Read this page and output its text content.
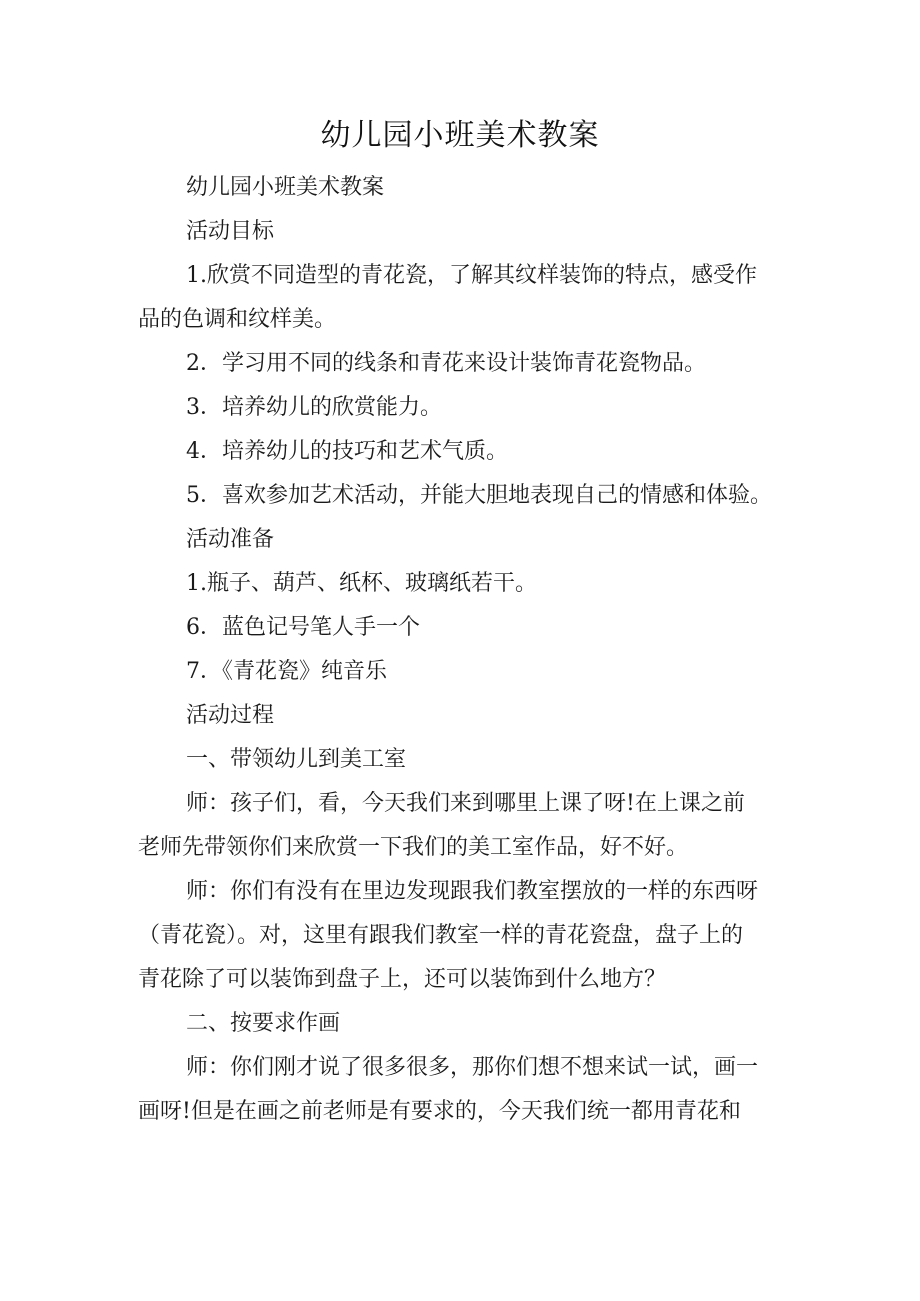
幼儿园小班美术教案
幼儿园小班美术教案
活动目标
1.欣赏不同造型的青花瓷，了解其纹样装饰的特点，感受作
品的色调和纹样美。
2．学习用不同的线条和青花来设计装饰青花瓷物品。
3．培养幼儿的欣赏能力。
4．培养幼儿的技巧和艺术气质。
5．喜欢参加艺术活动，并能大胆地表现自己的情感和体验。
活动准备
1.瓶子、葫芦、纸杯、玻璃纸若干。
6．蓝色记号笔人手一个
7．《青花瓷》纯音乐
活动过程
一、带领幼儿到美工室
师：孩子们，看，今天我们来到哪里上课了呀!在上课之前
老师先带领你们来欣赏一下我们的美工室作品，好不好。
师：你们有没有在里边发现跟我们教室摆放的一样的东西呀
（青花瓷）。对，这里有跟我们教室一样的青花瓷盘，盘子上的
青花除了可以装饰到盘子上，还可以装饰到什么地方？
二、按要求作画
师：你们刚才说了很多很多，那你们想不想来试一试，画一
画呀!但是在画之前老师是有要求的，今天我们统一都用青花和
